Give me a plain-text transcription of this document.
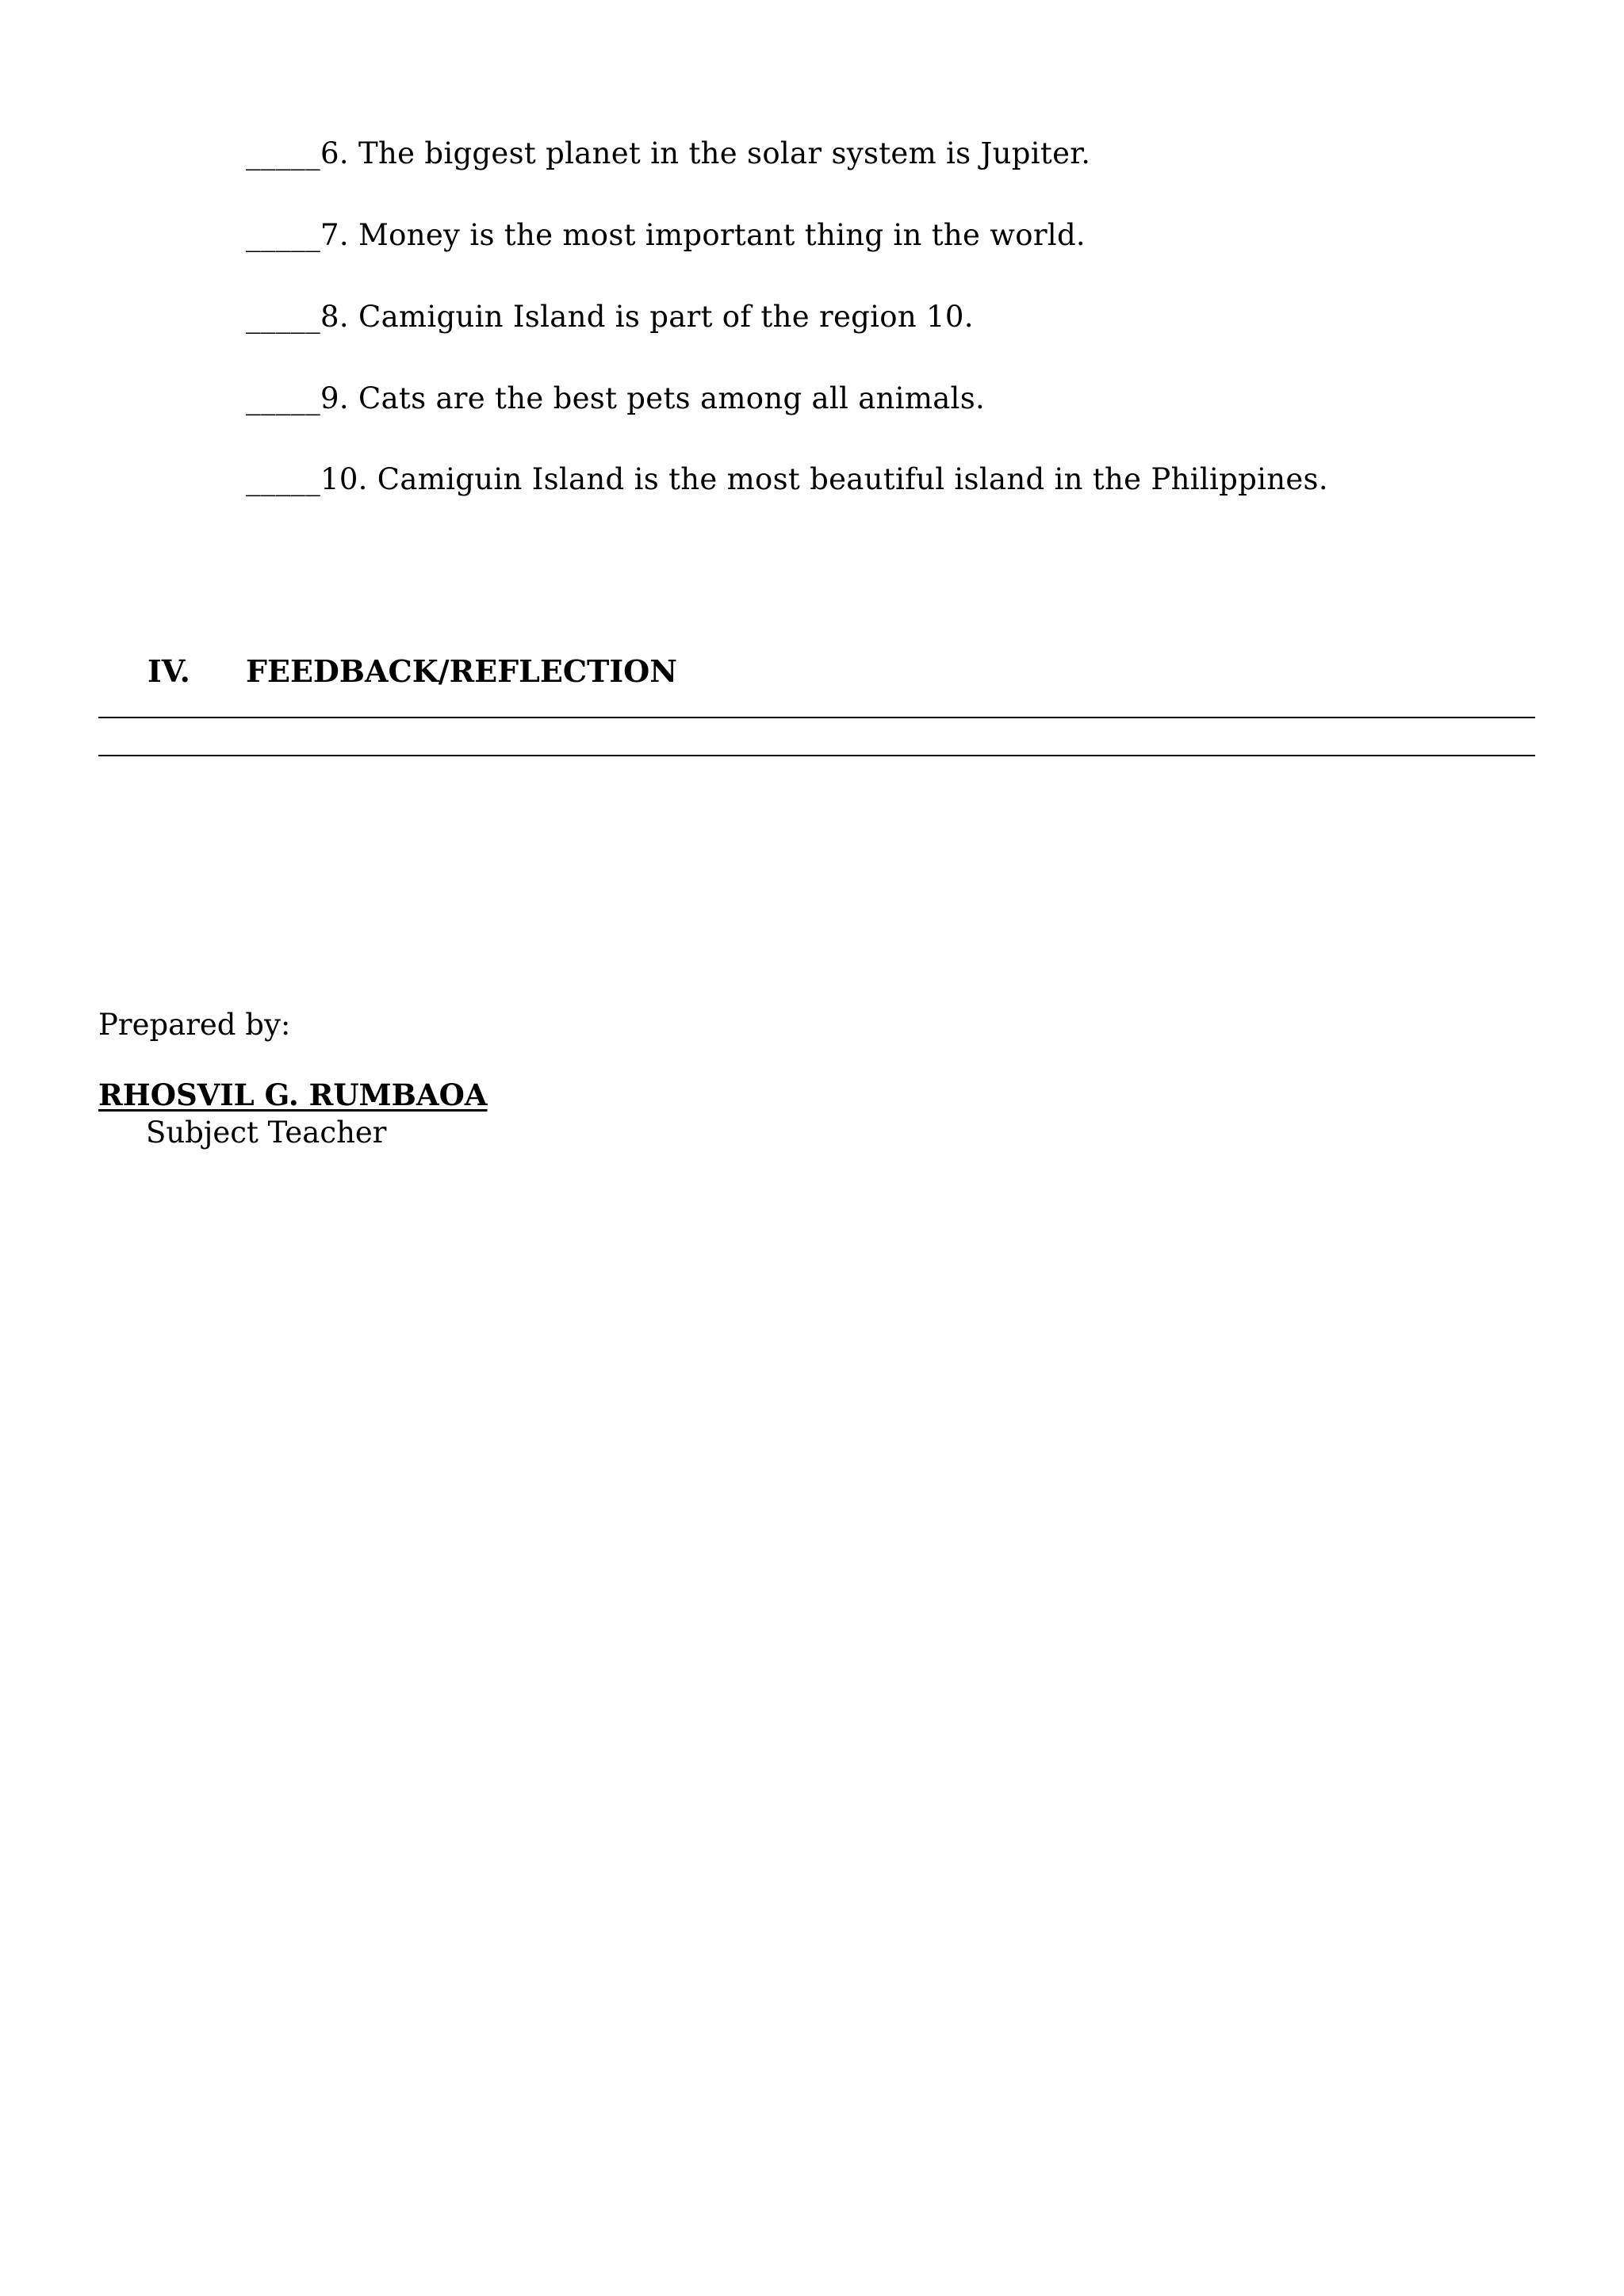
_____6. The biggest planet in the solar system is Jupiter.
_____7. Money is the most important thing in the world.
_____8. Camiguin Island is part of the region 10.
_____9. Cats are the best pets among all animals.
_____10. Camiguin Island is the most beautiful island in the Philippines.
IV. FEEDBACK/REFLECTION
Prepared by:
RHOSVIL G. RUMBAOA
Subject Teacher
